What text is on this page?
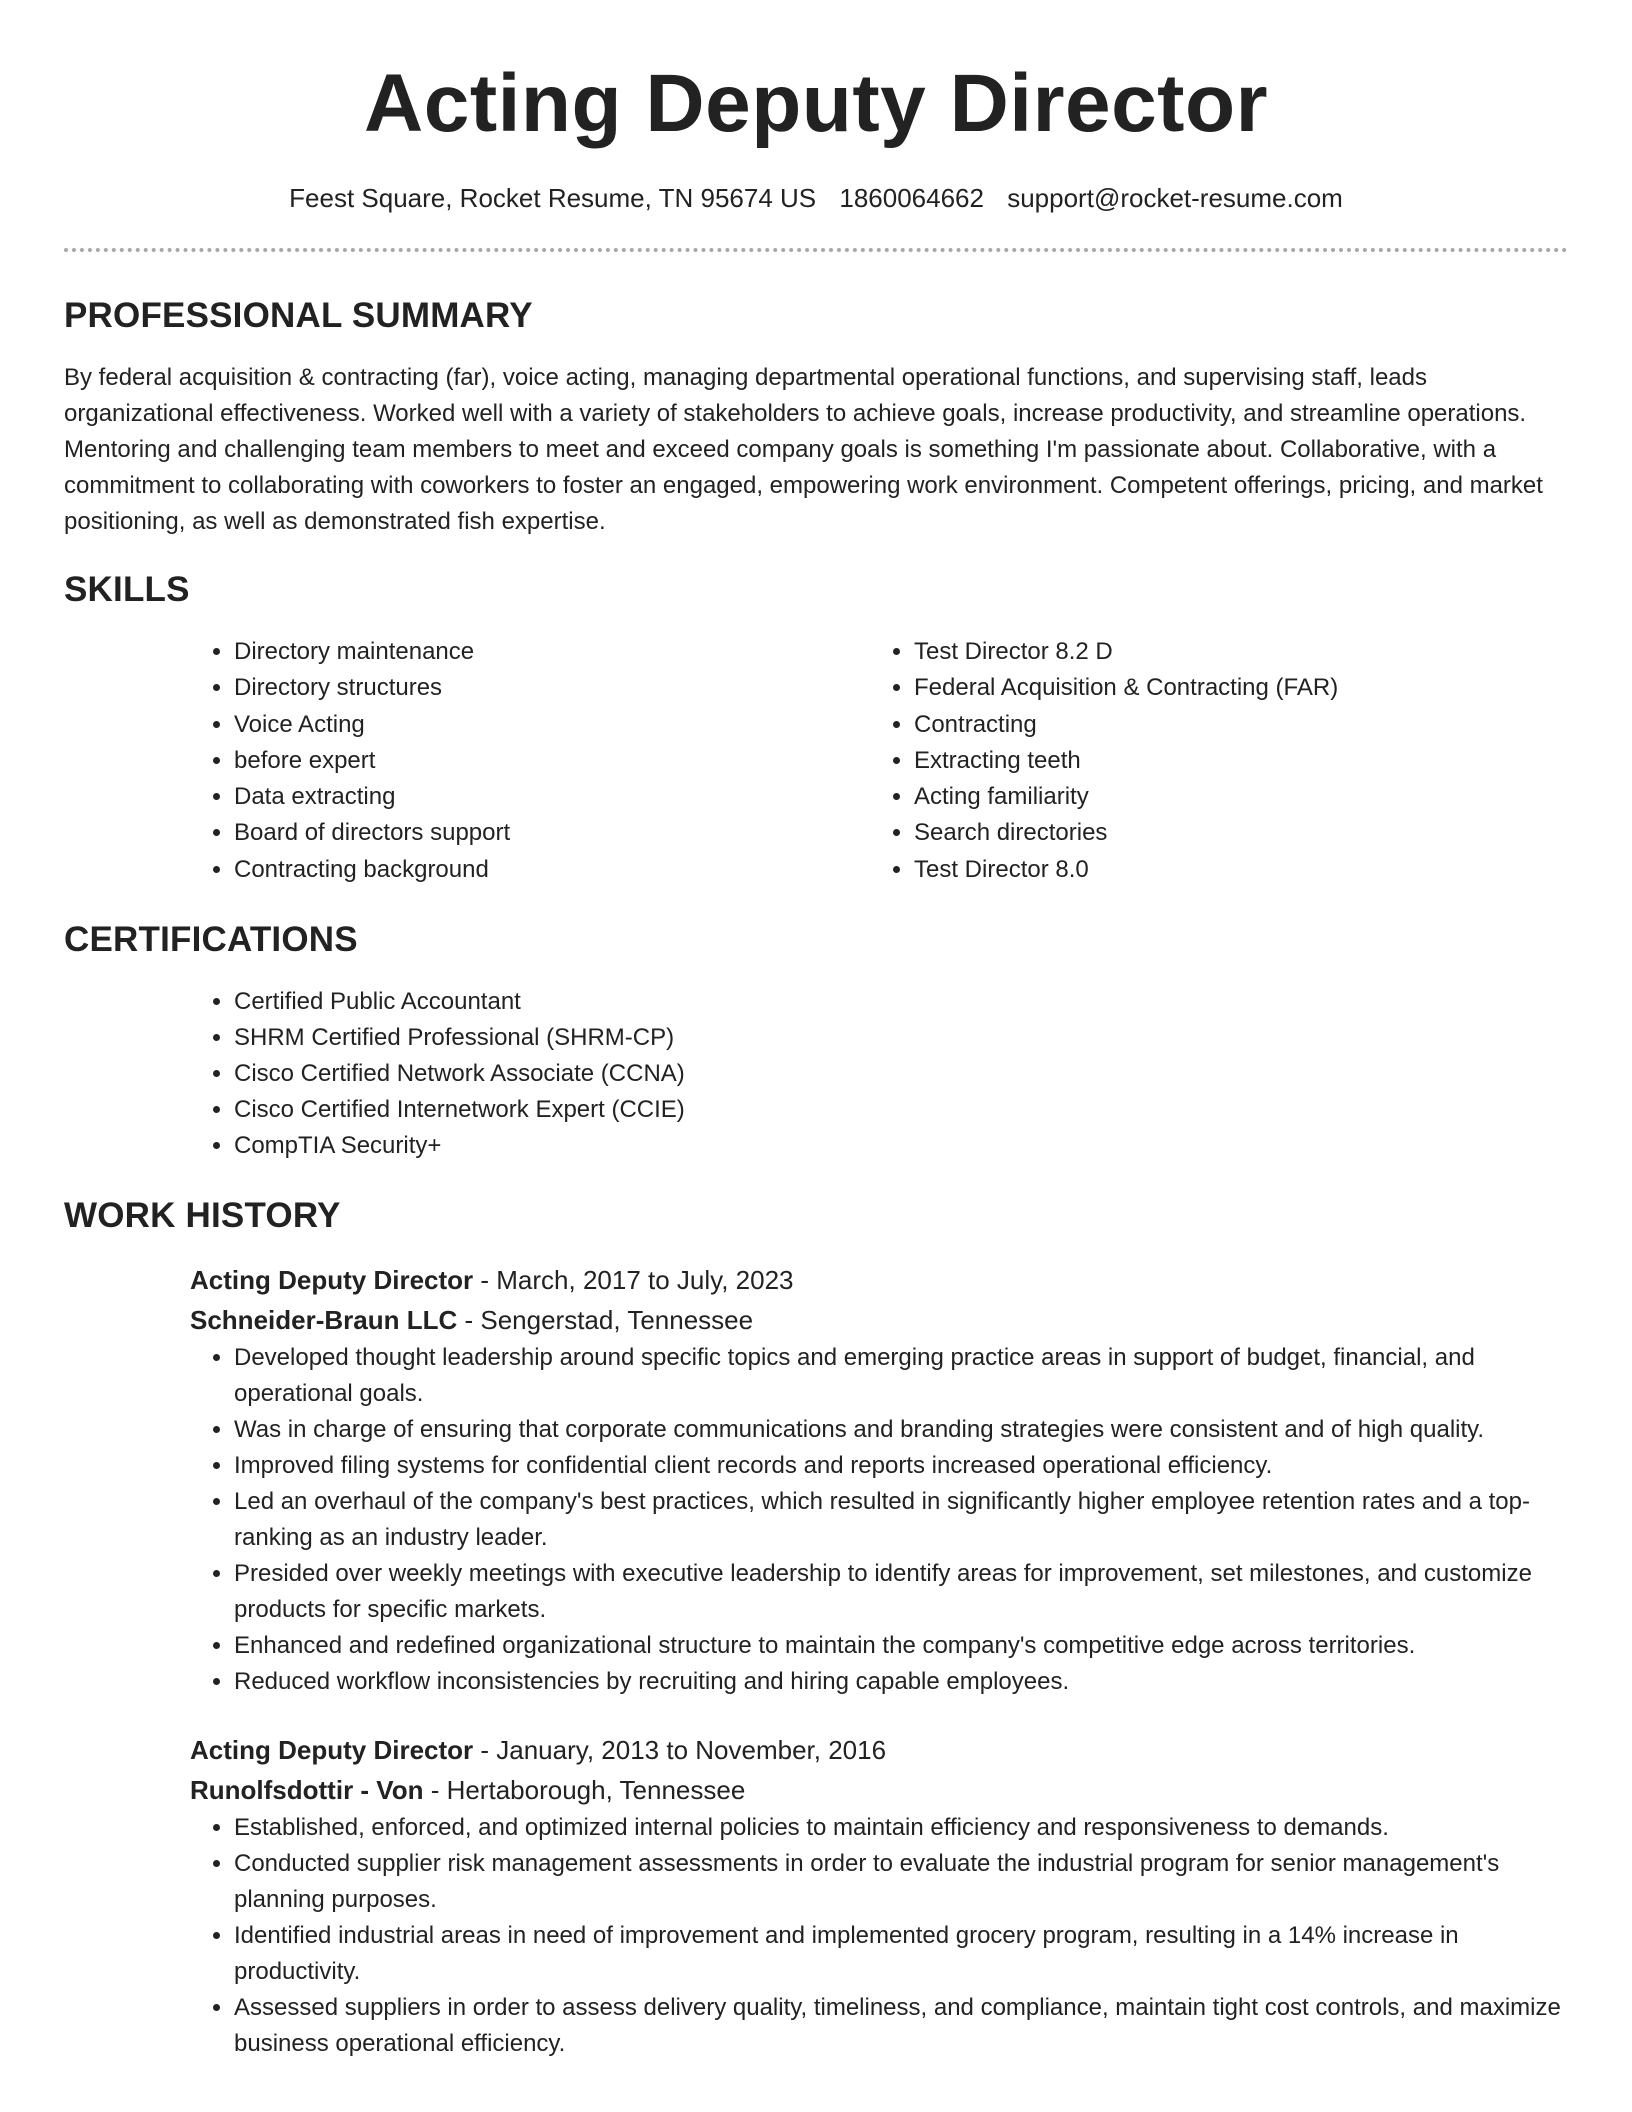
Acting Deputy Director
Feest Square, Rocket Resume, TN 95674 US 1860064662 support@rocket-resume.com
PROFESSIONAL SUMMARY

By federal acquisition & contracting (far), voice acting, managing departmental operational functions, and supervising staff, leads organizational effectiveness. Worked well with a variety of stakeholders to achieve goals, increase productivity, and streamline operations. Mentoring and challenging team members to meet and exceed company goals is something I'm passionate about. Collaborative, with a commitment to collaborating with coworkers to foster an engaged, empowering work environment. Competent offerings, pricing, and market positioning, as well as demonstrated fish expertise.

SKILLS
• Directory maintenance
• Directory structures
• Voice Acting
• before expert
• Data extracting
• Board of directors support
• Contracting background
• Test Director 8.2 D
• Federal Acquisition & Contracting (FAR)
• Contracting
• Extracting teeth
• Acting familiarity
• Search directories
• Test Director 8.0
CERTIFICATIONS
• Certified Public Accountant
• SHRM Certified Professional (SHRM-CP)
• Cisco Certified Network Associate (CCNA)
• Cisco Certified Internetwork Expert (CCIE)
• CompTIA Security+
WORK HISTORY
Acting Deputy Director - March, 2017 to July, 2023
Schneider-Braun LLC - Sengerstad, Tennessee
• Developed thought leadership around specific topics and emerging practice areas in support of budget, financial, and operational goals.
• Was in charge of ensuring that corporate communications and branding strategies were consistent and of high quality.
• Improved filing systems for confidential client records and reports increased operational efficiency.
• Led an overhaul of the company's best practices, which resulted in significantly higher employee retention rates and a top-ranking as an industry leader.
• Presided over weekly meetings with executive leadership to identify areas for improvement, set milestones, and customize products for specific markets.
• Enhanced and redefined organizational structure to maintain the company's competitive edge across territories.
• Reduced workflow inconsistencies by recruiting and hiring capable employees.
Acting Deputy Director - January, 2013 to November, 2016
Runolfsdottir - Von - Hertaborough, Tennessee
• Established, enforced, and optimized internal policies to maintain efficiency and responsiveness to demands.
• Conducted supplier risk management assessments in order to evaluate the industrial program for senior management's planning purposes.
• Identified industrial areas in need of improvement and implemented grocery program, resulting in a 14% increase in productivity.
• Assessed suppliers in order to assess delivery quality, timeliness, and compliance, maintain tight cost controls, and maximize business operational efficiency.
